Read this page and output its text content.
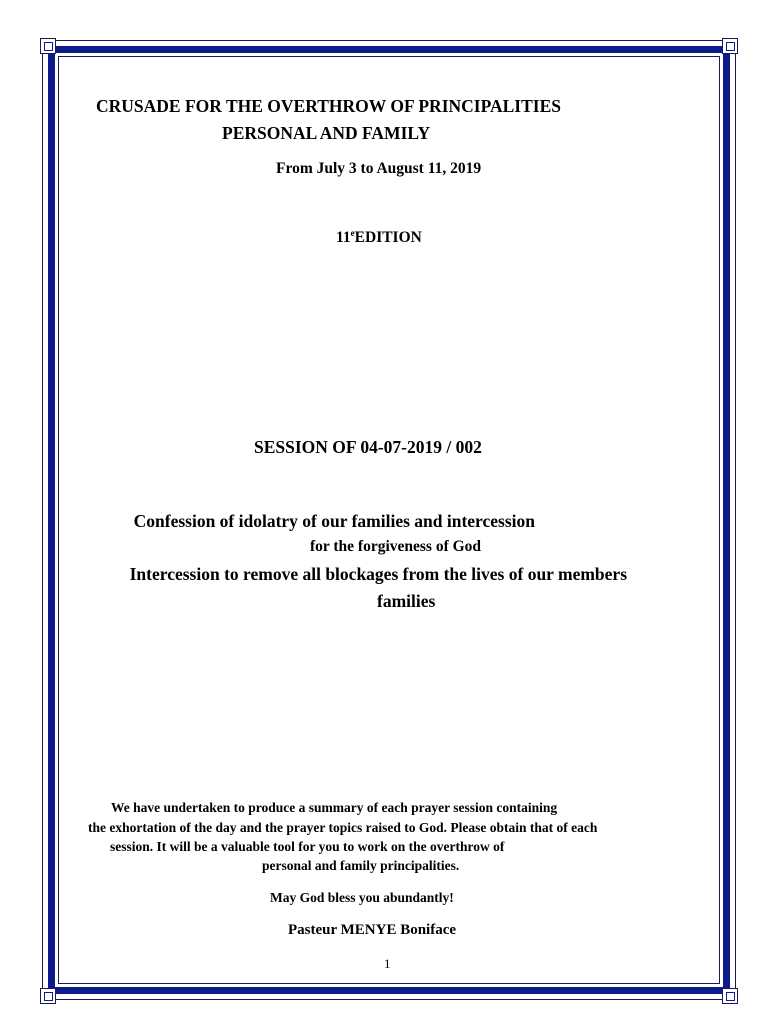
CRUSADE FOR THE OVERTHROW OF PRINCIPALITIES

PERSONAL AND FAMILY

From July 3 to August 11, 2019

11eEDITION

SESSION OF 04-07-2019 / 002

Confession of idolatry of our families and intercession

for the forgiveness of God

Intercession to remove all blockages from the lives of our members

families

We have undertaken to produce a summary of each prayer session containing

the exhortation of the day and the prayer topics raised to God. Please obtain that of each

session. It will be a valuable tool for you to work on the overthrow of

personal and family principalities.

May God bless you abundantly!

Pasteur MENYE Boniface

1
